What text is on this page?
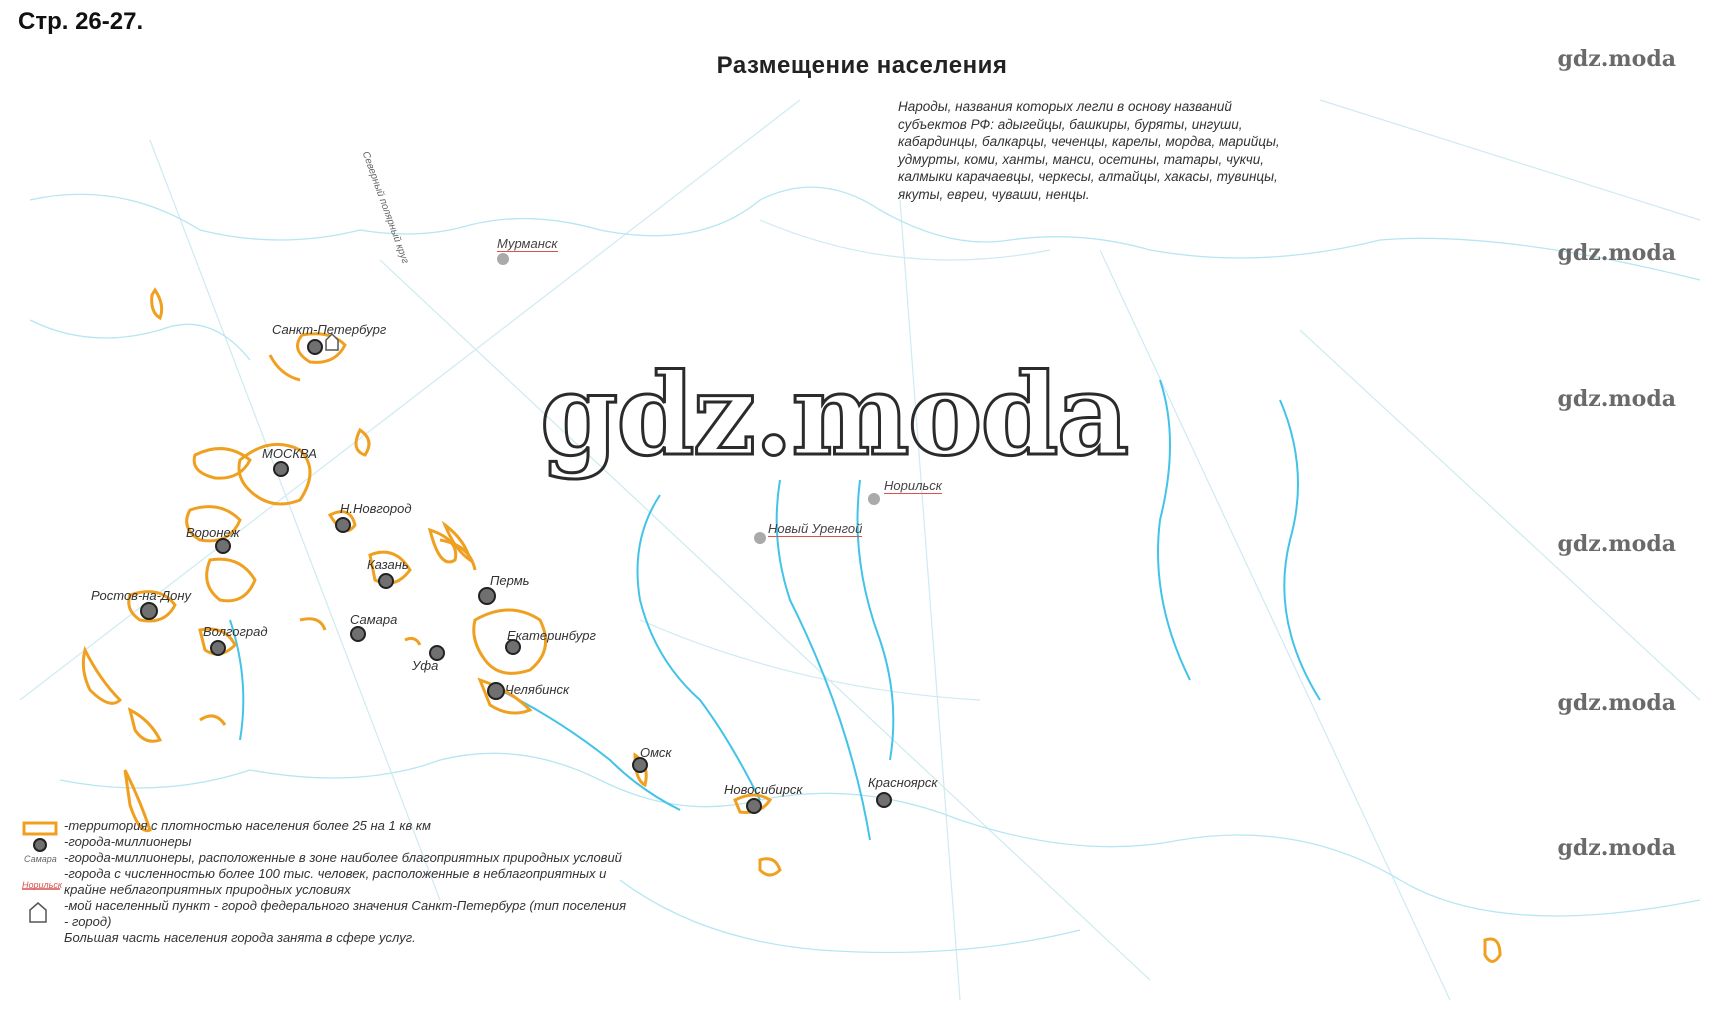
Стр. 26-27.
Размещение населения
Народы, названия которых легли в основу названий субъектов РФ: адыгейцы, башкиры, буряты, ингуши, кабардинцы, балкарцы, чеченцы, карелы, мордва, марийцы, удмурты, коми, ханты, манси, осетины, татары, чукчи, калмыки карачаевцы, черкесы, алтайцы, хакасы, тувинцы, якуты, евреи, чуваши, ненцы.
Северный полярный круг	Мурманск
Санкт-Петербург
МОСКВА
Н.Новгород
Воронеж
Казань
Пермь
Ростов-на-Дону
Самара
Волгоград	Екатеринбург
Уфа
Челябинск
Омск
Новосибирск	Красноярск
Норильск
Новый Уренгой
gdz.moda
gdz.moda
gdz.moda
gdz.moda
gdz.moda
gdz.moda
gdz.moda
-территория с плотностью населения более 25 на 1 кв км
-города-миллионеры
Самара -города-миллионеры, расположенные в зоне наиболее благоприятных природных условий
Норильск
-города с численностью более 100 тыс. человек, расположенные в неблагоприятных и
крайне неблагоприятных природных условиях
-мой населенный пункт - город федерального значения Санкт-Петербург (тип поселения
- город)
Большая часть населения города занята в сфере услуг.
